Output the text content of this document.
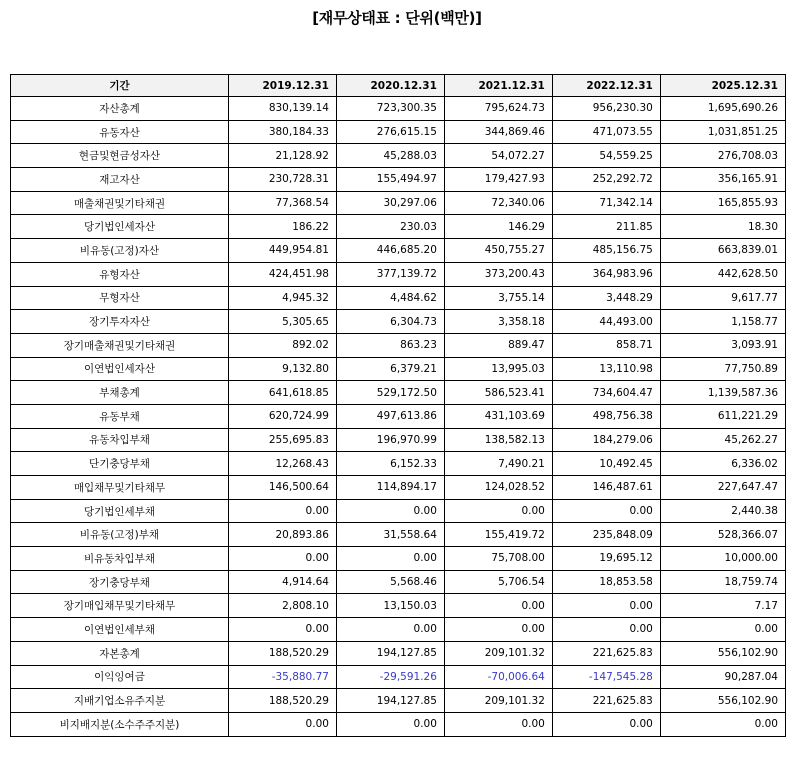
[재무상태표 : 단위(백만)]
기간	2019.12.31	2020.12.31	2021.12.31	2022.12.31	2025.12.31
자산총계	830,139.14	723,300.35	795,624.73	956,230.30	1,695,690.26
유동자산	380,184.33	276,615.15	344,869.46	471,073.55	1,031,851.25
현금및현금성자산	21,128.92	45,288.03	54,072.27	54,559.25	276,708.03
재고자산	230,728.31	155,494.97	179,427.93	252,292.72	356,165.91
매출채권및기타채권	77,368.54	30,297.06	72,340.06	71,342.14	165,855.93
당기법인세자산	186.22	230.03	146.29	211.85	18.30
비유동(고정)자산	449,954.81	446,685.20	450,755.27	485,156.75	663,839.01
유형자산	424,451.98	377,139.72	373,200.43	364,983.96	442,628.50
무형자산	4,945.32	4,484.62	3,755.14	3,448.29	9,617.77
장기투자자산	5,305.65	6,304.73	3,358.18	44,493.00	1,158.77
장기매출채권및기타채권	892.02	863.23	889.47	858.71	3,093.91
이연법인세자산	9,132.80	6,379.21	13,995.03	13,110.98	77,750.89
부채총계	641,618.85	529,172.50	586,523.41	734,604.47	1,139,587.36
유동부채	620,724.99	497,613.86	431,103.69	498,756.38	611,221.29
유동차입부채	255,695.83	196,970.99	138,582.13	184,279.06	45,262.27
단기충당부채	12,268.43	6,152.33	7,490.21	10,492.45	6,336.02
매입채무및기타채무	146,500.64	114,894.17	124,028.52	146,487.61	227,647.47
당기법인세부채	0.00	0.00	0.00	0.00	2,440.38
비유동(고정)부채	20,893.86	31,558.64	155,419.72	235,848.09	528,366.07
비유동차입부채	0.00	0.00	75,708.00	19,695.12	10,000.00
장기충당부채	4,914.64	5,568.46	5,706.54	18,853.58	18,759.74
장기매입채무및기타채무	2,808.10	13,150.03	0.00	0.00	7.17
이연법인세부채	0.00	0.00	0.00	0.00	0.00
자본총계	188,520.29	194,127.85	209,101.32	221,625.83	556,102.90
이익잉여금	-35,880.77	-29,591.26	-70,006.64	-147,545.28	90,287.04
지배기업소유주지분	188,520.29	194,127.85	209,101.32	221,625.83	556,102.90
비지배지분(소수주주지분)	0.00	0.00	0.00	0.00	0.00
